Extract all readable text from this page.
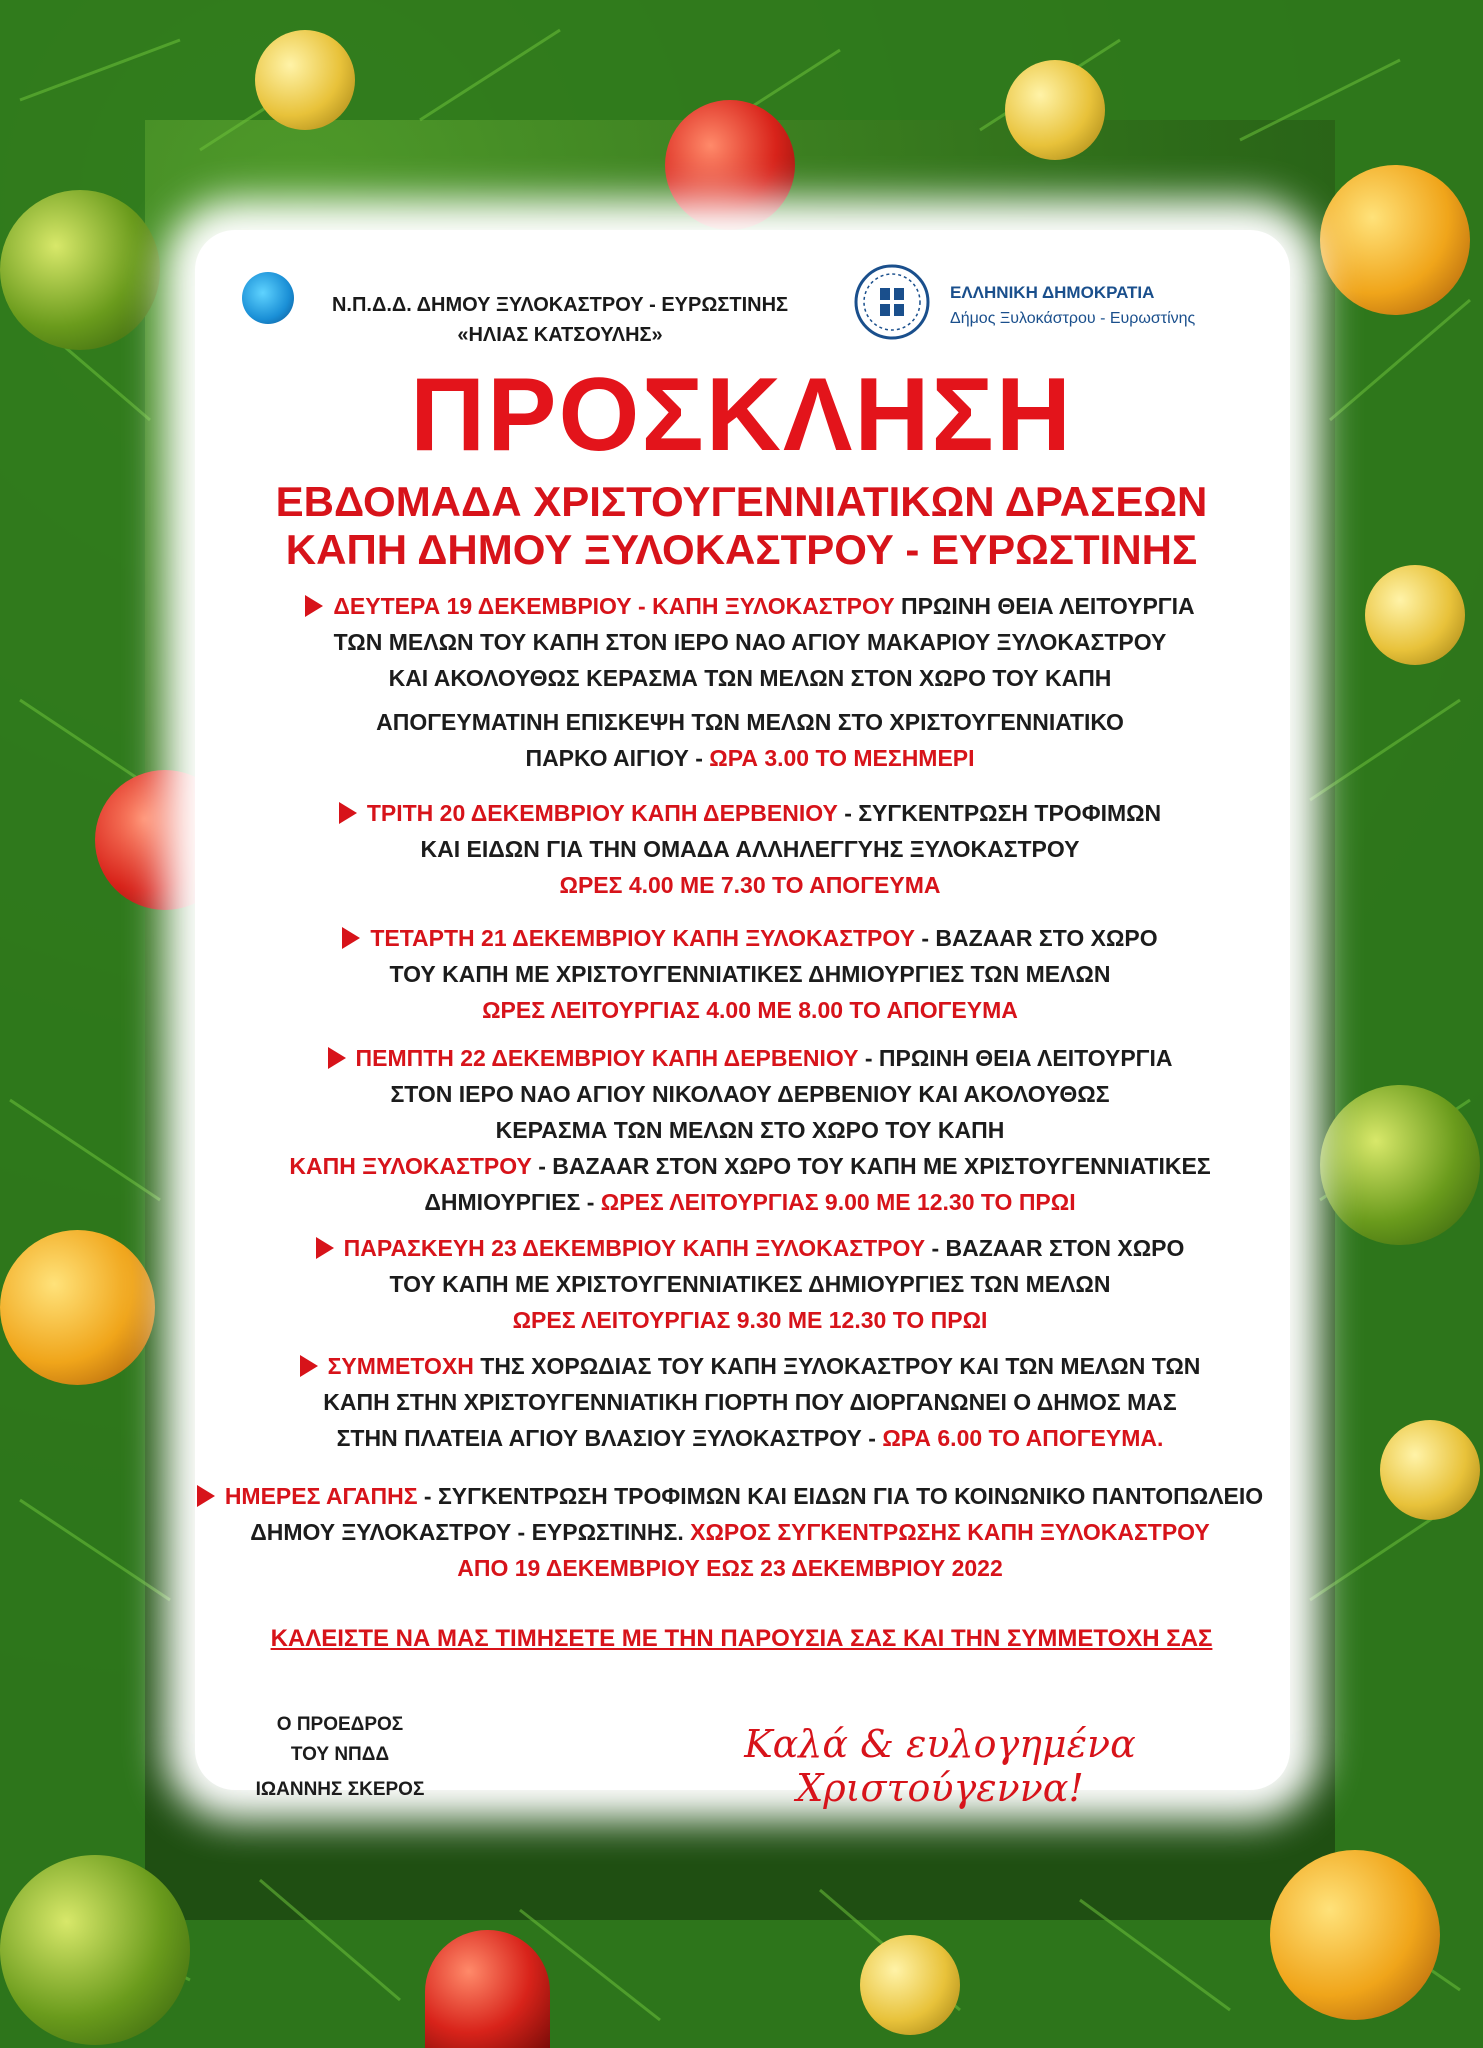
Ν.Π.Δ.Δ. ΔΗΜΟΥ ΞΥΛΟΚΑΣΤΡΟΥ - ΕΥΡΩΣΤΙΝΗΣ
«ΗΛΙΑΣ ΚΑΤΣΟΥΛΗΣ»
ΕΛΛΗΝΙΚΗ ΔΗΜΟΚΡΑΤΙΑ
Δήμος Ξυλοκάστρου - Ευρωστίνης
ΠΡΟΣΚΛΗΣΗ
ΕΒΔΟΜΑΔΑ ΧΡΙΣΤΟΥΓΕΝΝΙΑΤΙΚΩΝ ΔΡΑΣΕΩΝ
ΚΑΠΗ ΔΗΜΟΥ ΞΥΛΟΚΑΣΤΡΟΥ - ΕΥΡΩΣΤΙΝΗΣ
ΔΕΥΤΕΡΑ 19 ΔΕΚΕΜΒΡΙΟΥ - ΚΑΠΗ ΞΥΛΟΚΑΣΤΡΟΥ ΠΡΩΙΝΗ ΘΕΙΑ ΛΕΙΤΟΥΡΓΙΑ
ΤΩΝ ΜΕΛΩΝ ΤΟΥ ΚΑΠΗ ΣΤΟΝ ΙΕΡΟ ΝΑΟ ΑΓΙΟΥ ΜΑΚΑΡΙΟΥ ΞΥΛΟΚΑΣΤΡΟΥ
ΚΑΙ ΑΚΟΛΟΥΘΩΣ ΚΕΡΑΣΜΑ ΤΩΝ ΜΕΛΩΝ ΣΤΟΝ ΧΩΡΟ ΤΟΥ ΚΑΠΗ
ΑΠΟΓΕΥΜΑΤΙΝΗ ΕΠΙΣΚΕΨΗ ΤΩΝ ΜΕΛΩΝ ΣΤΟ ΧΡΙΣΤΟΥΓΕΝΝΙΑΤΙΚΟ
ΠΑΡΚΟ ΑΙΓΙΟΥ - ΩΡΑ 3.00 ΤΟ ΜΕΣΗΜΕΡΙ
ΤΡΙΤΗ 20 ΔΕΚΕΜΒΡΙΟΥ ΚΑΠΗ ΔΕΡΒΕΝΙΟΥ - ΣΥΓΚΕΝΤΡΩΣΗ ΤΡΟΦΙΜΩΝ
ΚΑΙ ΕΙΔΩΝ ΓΙΑ ΤΗΝ ΟΜΑΔΑ ΑΛΛΗΛΕΓΓΥΗΣ ΞΥΛΟΚΑΣΤΡΟΥ
ΩΡΕΣ 4.00 ΜΕ 7.30 ΤΟ ΑΠΟΓΕΥΜΑ
ΤΕΤΑΡΤΗ 21 ΔΕΚΕΜΒΡΙΟΥ ΚΑΠΗ ΞΥΛΟΚΑΣΤΡΟΥ - BAZAAR ΣΤΟ ΧΩΡΟ
ΤΟΥ ΚΑΠΗ ΜΕ ΧΡΙΣΤΟΥΓΕΝΝΙΑΤΙΚΕΣ ΔΗΜΙΟΥΡΓΙΕΣ ΤΩΝ ΜΕΛΩΝ
ΩΡΕΣ ΛΕΙΤΟΥΡΓΙΑΣ 4.00 ΜΕ 8.00 ΤΟ ΑΠΟΓΕΥΜΑ
ΠΕΜΠΤΗ 22 ΔΕΚΕΜΒΡΙΟΥ ΚΑΠΗ ΔΕΡΒΕΝΙΟΥ - ΠΡΩΙΝΗ ΘΕΙΑ ΛΕΙΤΟΥΡΓΙΑ
ΣΤΟΝ ΙΕΡΟ ΝΑΟ ΑΓΙΟΥ ΝΙΚΟΛΑΟΥ ΔΕΡΒΕΝΙΟΥ ΚΑΙ ΑΚΟΛΟΥΘΩΣ
ΚΕΡΑΣΜΑ ΤΩΝ ΜΕΛΩΝ ΣΤΟ ΧΩΡΟ ΤΟΥ ΚΑΠΗ
ΚΑΠΗ ΞΥΛΟΚΑΣΤΡΟΥ - BAZAAR ΣΤΟΝ ΧΩΡΟ ΤΟΥ ΚΑΠΗ ΜΕ ΧΡΙΣΤΟΥΓΕΝΝΙΑΤΙΚΕΣ
ΔΗΜΙΟΥΡΓΙΕΣ - ΩΡΕΣ ΛΕΙΤΟΥΡΓΙΑΣ 9.00 ΜΕ 12.30 ΤΟ ΠΡΩΙ
ΠΑΡΑΣΚΕΥΗ 23 ΔΕΚΕΜΒΡΙΟΥ ΚΑΠΗ ΞΥΛΟΚΑΣΤΡΟΥ - BAZAAR ΣΤΟΝ ΧΩΡΟ
ΤΟΥ ΚΑΠΗ ΜΕ ΧΡΙΣΤΟΥΓΕΝΝΙΑΤΙΚΕΣ ΔΗΜΙΟΥΡΓΙΕΣ ΤΩΝ ΜΕΛΩΝ
ΩΡΕΣ ΛΕΙΤΟΥΡΓΙΑΣ 9.30 ΜΕ 12.30 ΤΟ ΠΡΩΙ
ΣΥΜΜΕΤΟΧΗ ΤΗΣ ΧΟΡΩΔΙΑΣ ΤΟΥ ΚΑΠΗ ΞΥΛΟΚΑΣΤΡΟΥ ΚΑΙ ΤΩΝ ΜΕΛΩΝ ΤΩΝ
ΚΑΠΗ ΣΤΗΝ ΧΡΙΣΤΟΥΓΕΝΝΙΑΤΙΚΗ ΓΙΟΡΤΗ ΠΟΥ ΔΙΟΡΓΑΝΩΝΕΙ Ο ΔΗΜΟΣ ΜΑΣ
ΣΤΗΝ ΠΛΑΤΕΙΑ ΑΓΙΟΥ ΒΛΑΣΙΟΥ ΞΥΛΟΚΑΣΤΡΟΥ - ΩΡΑ 6.00 ΤΟ ΑΠΟΓΕΥΜΑ.
ΗΜΕΡΕΣ ΑΓΑΠΗΣ - ΣΥΓΚΕΝΤΡΩΣΗ ΤΡΟΦΙΜΩΝ ΚΑΙ ΕΙΔΩΝ ΓΙΑ ΤΟ ΚΟΙΝΩΝΙΚΟ ΠΑΝΤΟΠΩΛΕΙΟ
ΔΗΜΟΥ ΞΥΛΟΚΑΣΤΡΟΥ - ΕΥΡΩΣΤΙΝΗΣ. ΧΩΡΟΣ ΣΥΓΚΕΝΤΡΩΣΗΣ ΚΑΠΗ ΞΥΛΟΚΑΣΤΡΟΥ
ΑΠΟ 19 ΔΕΚΕΜΒΡΙΟΥ ΕΩΣ 23 ΔΕΚΕΜΒΡΙΟΥ 2022
ΚΑΛΕΙΣΤΕ ΝΑ ΜΑΣ ΤΙΜΗΣΕΤΕ ΜΕ ΤΗΝ ΠΑΡΟΥΣΙΑ ΣΑΣ ΚΑΙ ΤΗΝ ΣΥΜΜΕΤΟΧΗ ΣΑΣ
Ο ΠΡΟΕΔΡΟΣ
ΤΟΥ ΝΠΔΔ
ΙΩΑΝΝΗΣ ΣΚΕΡΟΣ
Καλά & ευλογημένα Χριστούγεννα!
